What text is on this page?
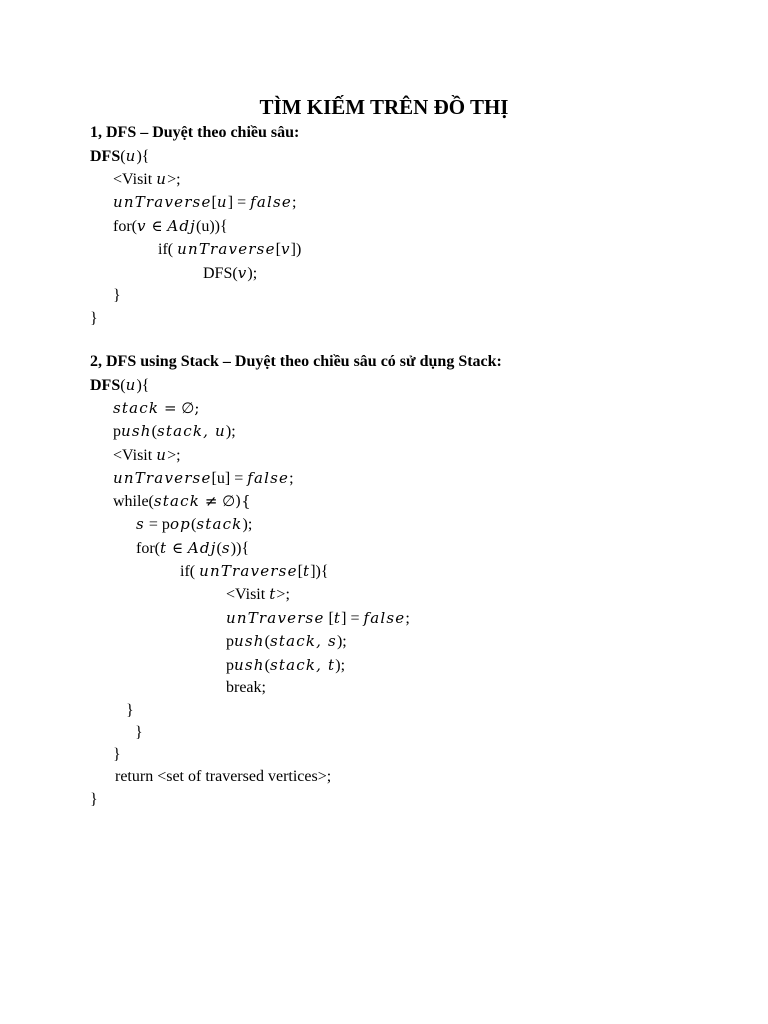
TÌM KIẾM TRÊN ĐỒ THỊ
1, DFS – Duyệt theo chiều sâu:
DFS(u){
<Visit u>;
unTraverse[u] = false;
for(v ∈ Adj(u)){
if( unTraverse[v])
DFS(v);
}
}
2, DFS using Stack – Duyệt theo chiều sâu có sử dụng Stack:
DFS(u){
stack = ∅;
push(stack, u);
<Visit u>;
unTraverse[u] = false;
while(stack ≠ ∅){
s = pop(stack);
for(t ∈ Adj(s)){
if( unTraverse[t]){
<Visit t>;
unTraverse [t] = false;
push(stack, s);
push(stack, t);
break;
}
}
}
return <set of traversed vertices>;
}
